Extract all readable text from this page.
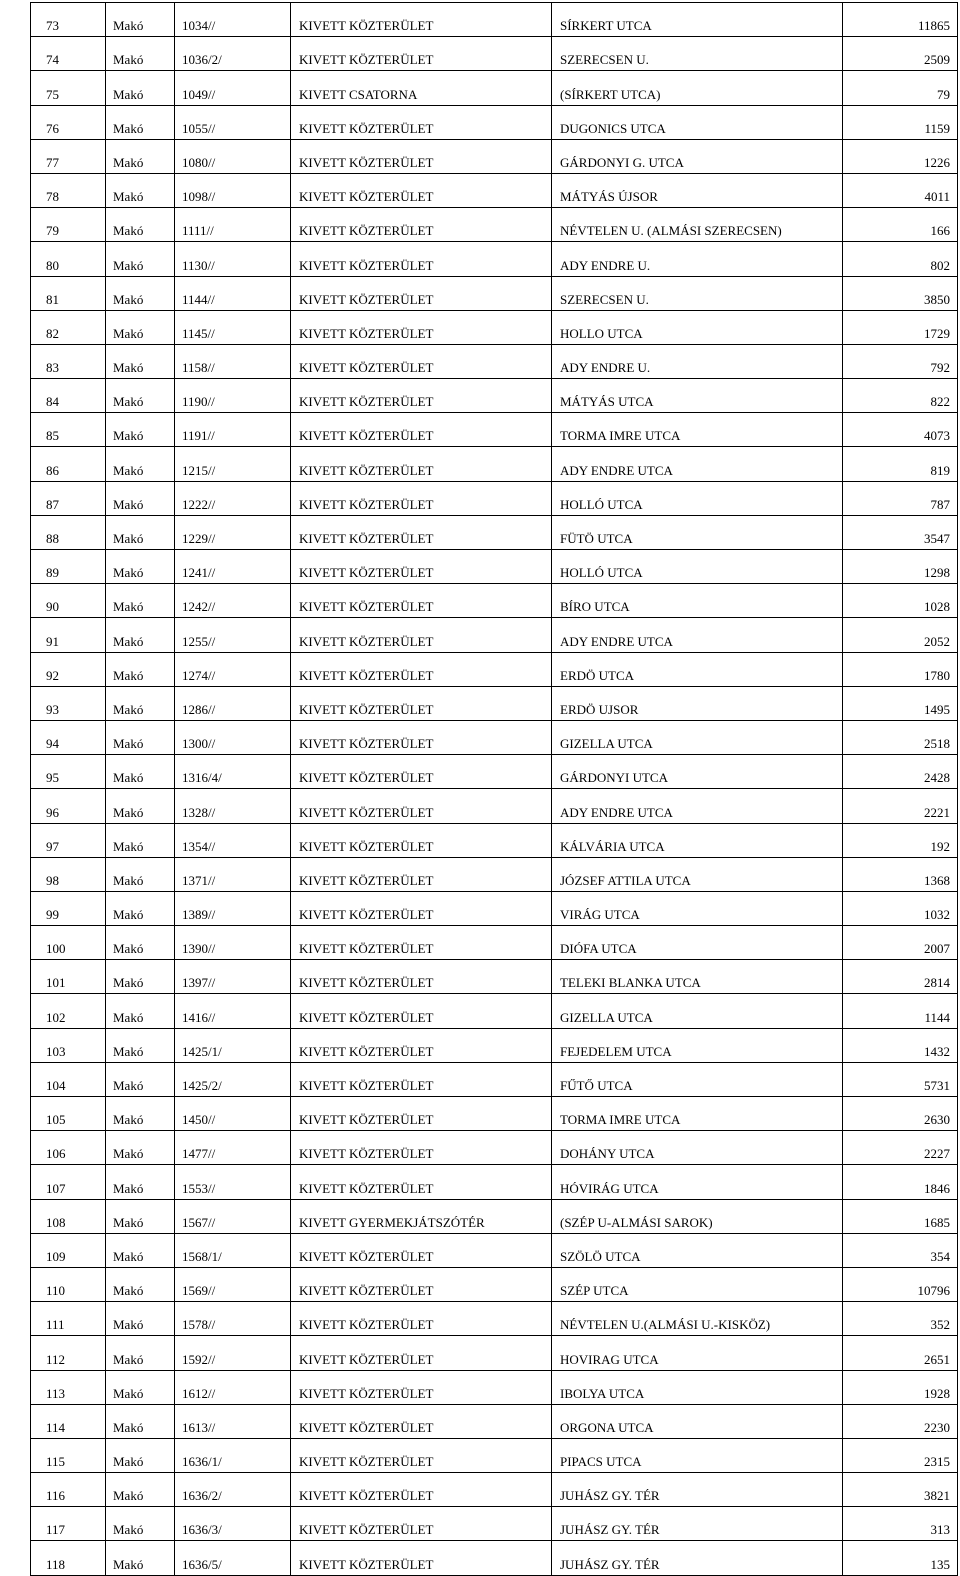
73	Makó	1034//	KIVETT KÖZTERÜLET	SÍRKERT UTCA	11865
74	Makó	1036/2/	KIVETT KÖZTERÜLET	SZERECSEN U.	2509
75	Makó	1049//	KIVETT CSATORNA	(SÍRKERT UTCA)	79
76	Makó	1055//	KIVETT KÖZTERÜLET	DUGONICS UTCA	1159
77	Makó	1080//	KIVETT KÖZTERÜLET	GÁRDONYI G. UTCA	1226
78	Makó	1098//	KIVETT KÖZTERÜLET	MÁTYÁS ÚJSOR	4011
79	Makó	1111//	KIVETT KÖZTERÜLET	NÉVTELEN U. (ALMÁSI SZERECSEN)	166
80	Makó	1130//	KIVETT KÖZTERÜLET	ADY ENDRE U.	802
81	Makó	1144//	KIVETT KÖZTERÜLET	SZERECSEN U.	3850
82	Makó	1145//	KIVETT KÖZTERÜLET	HOLLO UTCA	1729
83	Makó	1158//	KIVETT KÖZTERÜLET	ADY ENDRE U.	792
84	Makó	1190//	KIVETT KÖZTERÜLET	MÁTYÁS UTCA	822
85	Makó	1191//	KIVETT KÖZTERÜLET	TORMA IMRE UTCA	4073
86	Makó	1215//	KIVETT KÖZTERÜLET	ADY ENDRE UTCA	819
87	Makó	1222//	KIVETT KÖZTERÜLET	HOLLÓ UTCA	787
88	Makó	1229//	KIVETT KÖZTERÜLET	FÜTÖ UTCA	3547
89	Makó	1241//	KIVETT KÖZTERÜLET	HOLLÓ UTCA	1298
90	Makó	1242//	KIVETT KÖZTERÜLET	BÍRO UTCA	1028
91	Makó	1255//	KIVETT KÖZTERÜLET	ADY ENDRE UTCA	2052
92	Makó	1274//	KIVETT KÖZTERÜLET	ERDÖ UTCA	1780
93	Makó	1286//	KIVETT KÖZTERÜLET	ERDÖ UJSOR	1495
94	Makó	1300//	KIVETT KÖZTERÜLET	GIZELLA UTCA	2518
95	Makó	1316/4/	KIVETT KÖZTERÜLET	GÁRDONYI UTCA	2428
96	Makó	1328//	KIVETT KÖZTERÜLET	ADY ENDRE UTCA	2221
97	Makó	1354//	KIVETT KÖZTERÜLET	KÁLVÁRIA UTCA	192
98	Makó	1371//	KIVETT KÖZTERÜLET	JÓZSEF ATTILA UTCA	1368
99	Makó	1389//	KIVETT KÖZTERÜLET	VIRÁG UTCA	1032
100	Makó	1390//	KIVETT KÖZTERÜLET	DIÓFA UTCA	2007
101	Makó	1397//	KIVETT KÖZTERÜLET	TELEKI BLANKA UTCA	2814
102	Makó	1416//	KIVETT KÖZTERÜLET	GIZELLA UTCA	1144
103	Makó	1425/1/	KIVETT KÖZTERÜLET	FEJEDELEM UTCA	1432
104	Makó	1425/2/	KIVETT KÖZTERÜLET	FŰTŐ UTCA	5731
105	Makó	1450//	KIVETT KÖZTERÜLET	TORMA IMRE UTCA	2630
106	Makó	1477//	KIVETT KÖZTERÜLET	DOHÁNY UTCA	2227
107	Makó	1553//	KIVETT KÖZTERÜLET	HÓVIRÁG UTCA	1846
108	Makó	1567//	KIVETT GYERMEKJÁTSZÓTÉR	(SZÉP U-ALMÁSI SAROK)	1685
109	Makó	1568/1/	KIVETT KÖZTERÜLET	SZÖLÖ UTCA	354
110	Makó	1569//	KIVETT KÖZTERÜLET	SZÉP UTCA	10796
111	Makó	1578//	KIVETT KÖZTERÜLET	NÉVTELEN U.(ALMÁSI U.-KISKÖZ)	352
112	Makó	1592//	KIVETT KÖZTERÜLET	HOVIRAG UTCA	2651
113	Makó	1612//	KIVETT KÖZTERÜLET	IBOLYA UTCA	1928
114	Makó	1613//	KIVETT KÖZTERÜLET	ORGONA UTCA	2230
115	Makó	1636/1/	KIVETT KÖZTERÜLET	PIPACS UTCA	2315
116	Makó	1636/2/	KIVETT KÖZTERÜLET	JUHÁSZ GY. TÉR	3821
117	Makó	1636/3/	KIVETT KÖZTERÜLET	JUHÁSZ GY. TÉR	313
118	Makó	1636/5/	KIVETT KÖZTERÜLET	JUHÁSZ GY. TÉR	135
